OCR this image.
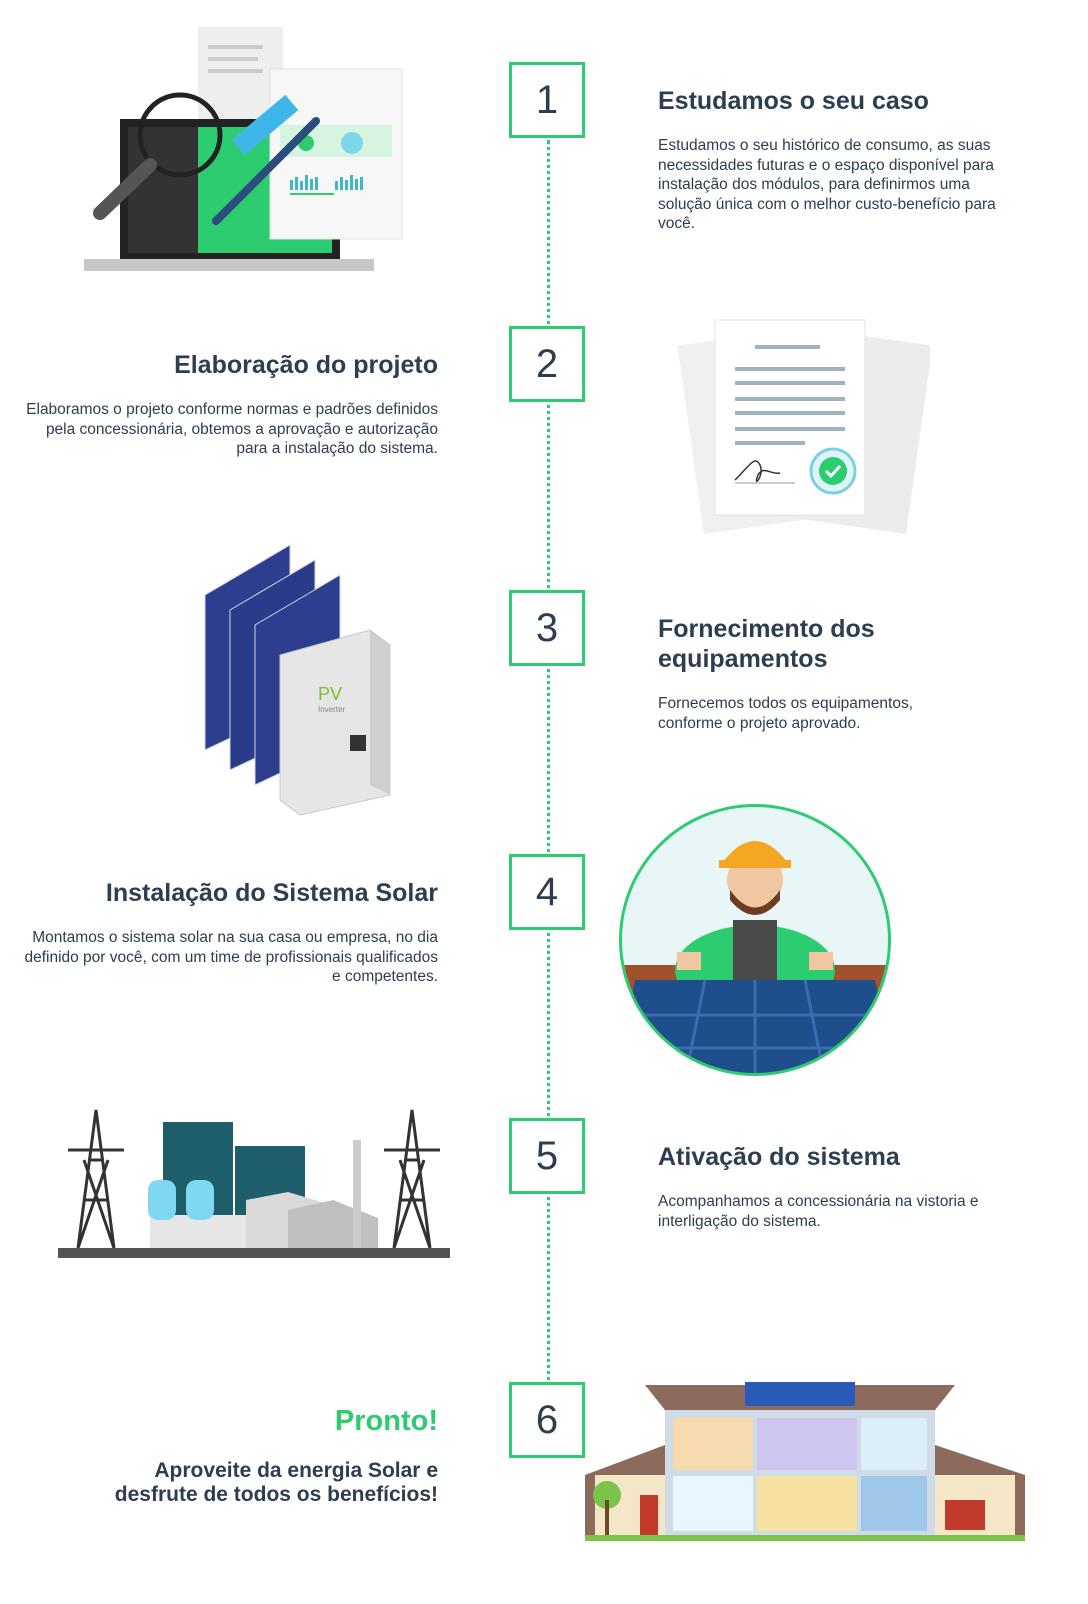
1
2
3
4
5
6
Estudamos o seu caso

Estudamos o seu histórico de consumo, as suas necessidades futuras e o espaço disponível para instalação dos módulos, para definirmos uma solução única com o melhor custo-benefício para você.

Elaboração do projeto

Elaboramos o projeto conforme normas e padrões definidos pela concessionária, obtemos a aprovação e autorização para a instalação do sistema.

Fornecimento dos equipamentos

Fornecemos todos os equipamentos, conforme o projeto aprovado.

Instalação do Sistema Solar

Montamos o sistema solar na sua casa ou empresa, no dia definido por você, com um time de profissionais qualificados e competentes.

Ativação do sistema

Acompanhamos a concessionária na vistoria e interligação do sistema.

Pronto!

Aproveite da energia Solar e desfrute de todos os benefícios!

PV
Inverter
